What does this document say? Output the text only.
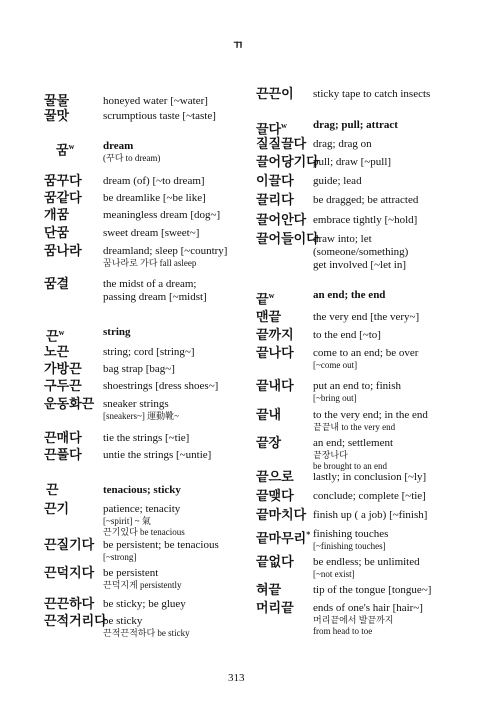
ㄲ
꿀물	honeyed water [~water]
꿀맛	scrumptious taste [~taste]
꿈$^w$	dream
(꾸다 to dream)
꿈꾸다 dream (of) [~to dream]
꿈같다 be dreamlike [~be like]
개꿈	meaningless dream [dog~]
단꿈	sweet dream [sweet~]
꿈나라 dreamland; sleep [~country]
꿈나라로 가다 fall asleep
꿈결	the midst of a dream;
passing dream [~midst]
끈$^w$	string
노끈	string; cord [string~]
가방끈 bag strap [bag~]
구두끈 shoestrings [dress shoes~]
운동화끈 sneaker strings
[sneakers~] 運動靴~
끈매다 tie the strings [~tie]
끈풀다 untie the strings [~untie]
끈	tenacious; sticky
끈기	patience; tenacity
[~spirit] ~ 氣
끈기있다 be tenacious
끈질기다 be persistent; be tenacious
[~strong]
끈덕지다 be persistent
끈덕지게 persistently
끈끈하다 be sticky; be gluey
끈적거리다
be sticky
끈적끈적하다 be sticky
끈끈이 sticky tape to catch insects
끌다$^w$ drag; pull; attract
질질끌다 drag; drag on
끌어당기다
pull; draw [~pull]
이끌다 guide; lead
끌리다 be dragged; be attracted
끌어안다 embrace tightly [~hold]
끌어들이다
draw into; let
(someone/something)
get involved [~let in]
끝$^w$	an end; the end
맨끝	the very end [the very~]
끝까지 to the end [~to]
끝나다 come to an end; be over
[~come out]
끝내다 put an end to; finish
[~bring out]
끝내	to the very end; in the end
끝끝내 to the very end
끝장	an end; settlement
끝장나다
be brought to an end
끝으로 lastly; in conclusion [~ly]
끝맺다 conclude; complete [~tie]
끝마치다 finish up ( a job) [~finish]
끝마무리* finishing touches
[~finishing touches]
끝없다 be endless; be unlimited
[~not exist]
혀끝	tip of the tongue [tongue~]
머리끝 ends of one's hair [hair~]
머리끝에서 발끝까지
from head to toe
313
